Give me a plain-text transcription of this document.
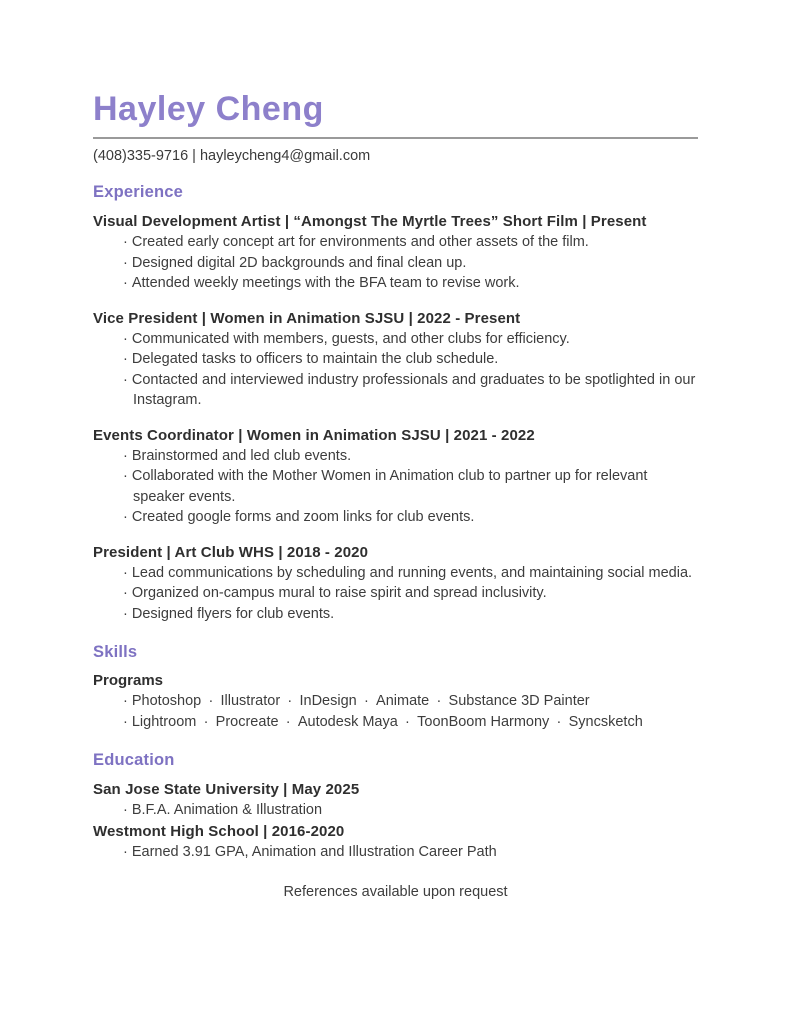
Hayley Cheng
(408)335-9716 | hayleycheng4@gmail.com
Experience
Visual Development Artist | “Amongst The Myrtle Trees” Short Film | Present
· Created early concept art for environments and other assets of the film.
· Designed digital 2D backgrounds and final clean up.
· Attended weekly meetings with the BFA team to revise work.
Vice President | Women in Animation SJSU | 2022 - Present
· Communicated with members, guests, and other clubs for efficiency.
· Delegated tasks to officers to maintain the club schedule.
· Contacted and interviewed industry professionals and graduates to be spotlighted in our Instagram.
Events Coordinator | Women in Animation SJSU | 2021 - 2022
· Brainstormed and led club events.
· Collaborated with the Mother Women in Animation club to partner up for relevant speaker events.
· Created google forms and zoom links for club events.
President | Art Club WHS | 2018 - 2020
· Lead communications by scheduling and running events, and maintaining social media.
· Organized on-campus mural to raise spirit and spread inclusivity.
· Designed flyers for club events.
Skills
Programs
· Photoshop · Illustrator · InDesign · Animate · Substance 3D Painter
· Lightroom · Procreate · Autodesk Maya · ToonBoom Harmony · Syncsketch
Education
San Jose State University | May 2025
· B.F.A. Animation & Illustration
Westmont High School | 2016-2020
· Earned 3.91 GPA, Animation and Illustration Career Path
References available upon request
